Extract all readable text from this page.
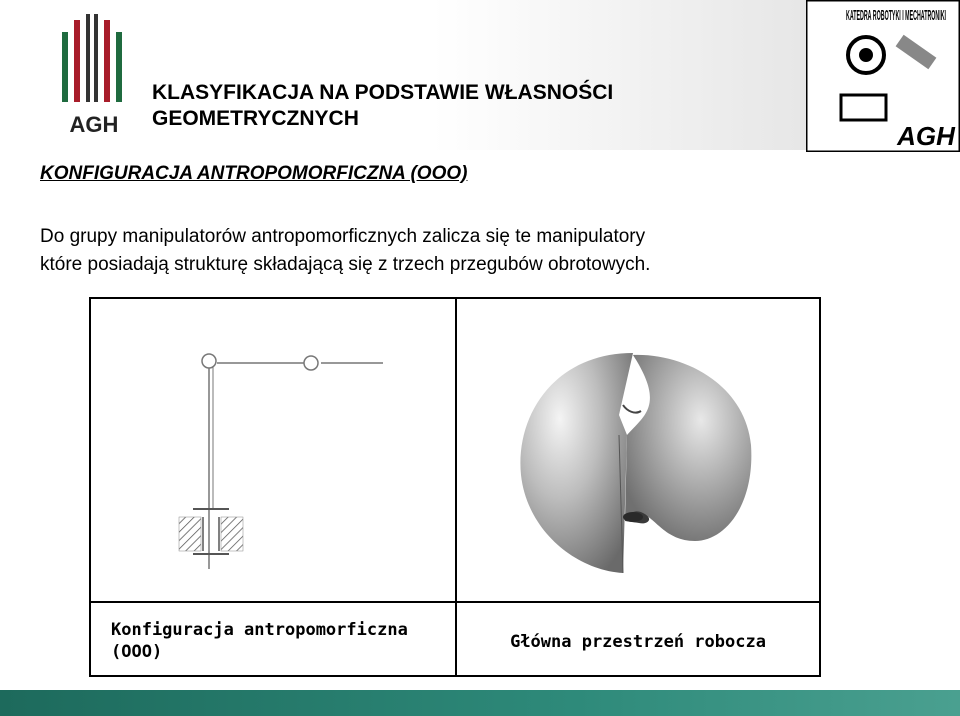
AGH
KLASYFIKACJA NA PODSTAWIE WŁASNOŚCI
GEOMETRYCZNYCH
KATEDRA ROBOTYKI I MECHATRONIKI
AGH
KONFIGURACJA ANTROPOMORFICZNA (OOO)
Do grupy manipulatorów antropomorficznych zalicza się te manipulatory
które posiadają strukturę składającą się z trzech przegubów obrotowych.
Konfiguracja antropomorficzna (OOO)	Główna przestrzeń robocza
